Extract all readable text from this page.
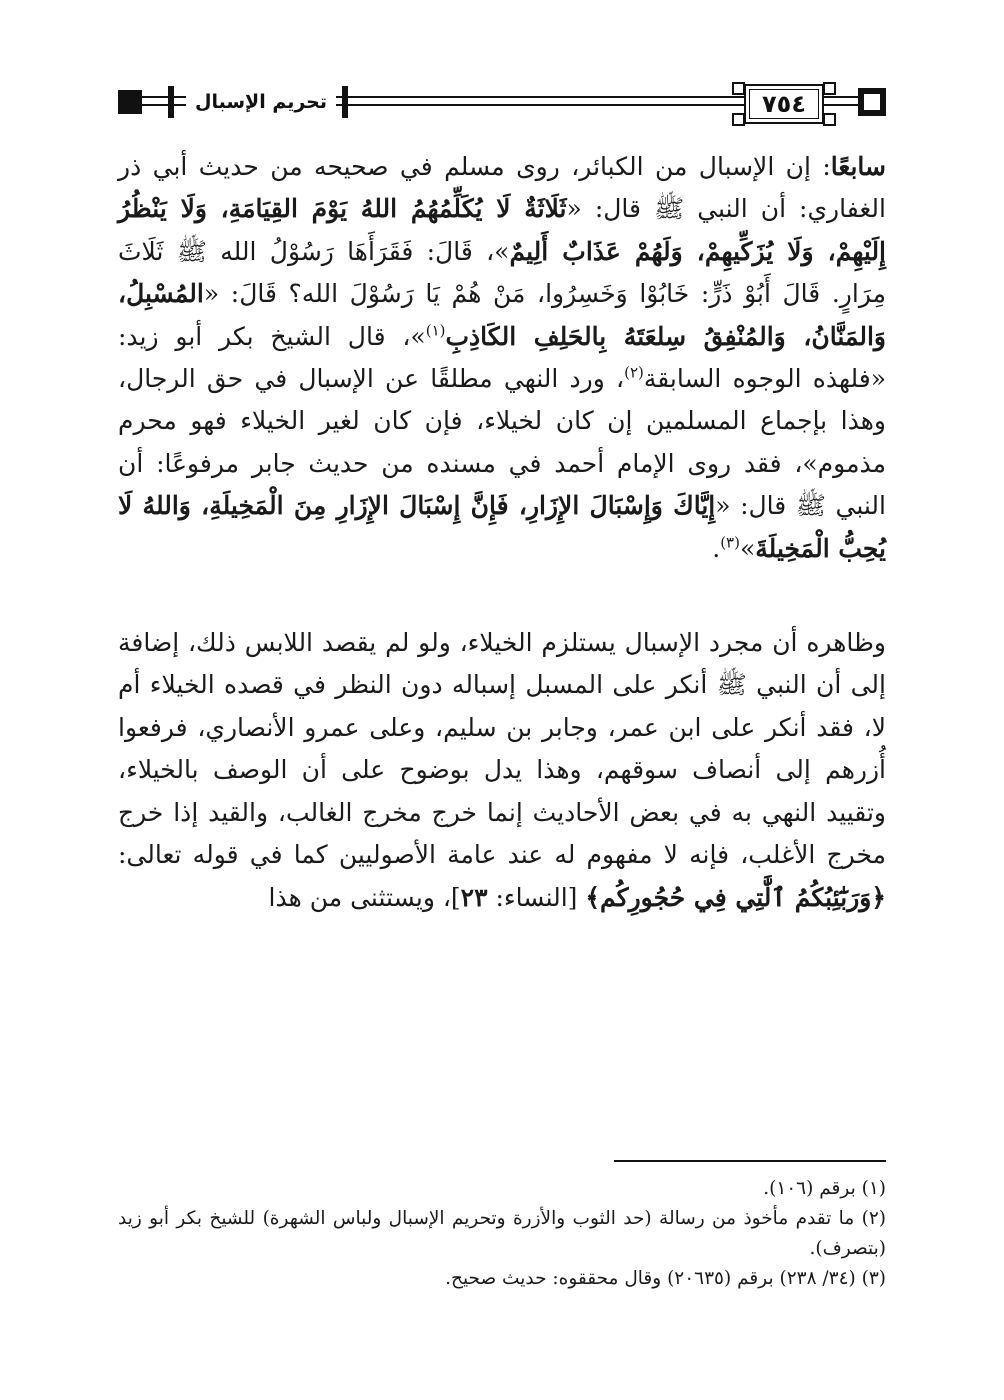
تحريم الإسبال	٧٥٤

سابعًا: إن الإسبال من الكبائر، روى مسلم في صحيحه من حديث أبي ذر الغفاري: أن النبي ﷺ قال: «ثَلَاثَةٌ لَا يُكَلِّمُهُمُ اللهُ يَوْمَ القِيَامَةِ، وَلَا يَنْظُرُ إِلَيْهِمْ، وَلَا يُزَكِّيهِمْ، وَلَهُمْ عَذَابٌ أَلِيمٌ»، قَالَ: فَقَرَأَهَا رَسُوْلُ الله ﷺ ثَلَاثَ مِرَارٍ. قَالَ أَبُوْ ذَرٍّ: خَابُوْا وَخَسِرُوا، مَنْ هُمْ يَا رَسُوْلَ الله؟ قَالَ: «المُسْبِلُ، وَالمَنَّانُ، وَالمُنْفِقُ سِلعَتَهُ بِالحَلِفِ الكَاذِبِ$^{(١)}$»، قال الشيخ بكر أبو زيد: «فلهذه الوجوه السابقة$^{(٢)}$، ورد النهي مطلقًا عن الإسبال في حق الرجال، وهذا بإجماع المسلمين إن كان لخيلاء، فإن كان لغير الخيلاء فهو محرم مذموم»، فقد روى الإمام أحمد في مسنده من حديث جابر مرفوعًا: أن النبي ﷺ قال: «إِيَّاكَ وَإِسْبَالَ الإِزَارِ، فَإِنَّ إِسْبَالَ الإِزَارِ مِنَ الْمَخِيلَةِ، وَاللهُ لَا يُحِبُّ الْمَخِيلَةَ»$^{(٣)}$.

وظاهره أن مجرد الإسبال يستلزم الخيلاء، ولو لم يقصد اللابس ذلك، إضافة إلى أن النبي ﷺ أنكر على المسبل إسباله دون النظر في قصده الخيلاء أم لا، فقد أنكر على ابن عمر، وجابر بن سليم، وعلى عمرو الأنصاري، فرفعوا أُزرهم إلى أنصاف سوقهم، وهذا يدل بوضوح على أن الوصف بالخيلاء، وتقييد النهي به في بعض الأحاديث إنما خرج مخرج الغالب، والقيد إذا خرج مخرج الأغلب، فإنه لا مفهوم له عند عامة الأصوليين كما في قوله تعالى: ﴿وَرَبَٰٓئِبُكُمُ ٱلَّٰتِي فِي حُجُورِكُم﴾ [النساء: ٢٣]، ويستثنى من هذا

(١) برقم (١٠٦).

(٢) ما تقدم مأخوذ من رسالة (حد الثوب والأزرة وتحريم الإسبال ولباس الشهرة) للشيخ بكر أبو زيد (بتصرف).

(٣) (٣٤/ ٢٣٨) برقم (٢٠٦٣٥) وقال محققوه: حديث صحيح.
